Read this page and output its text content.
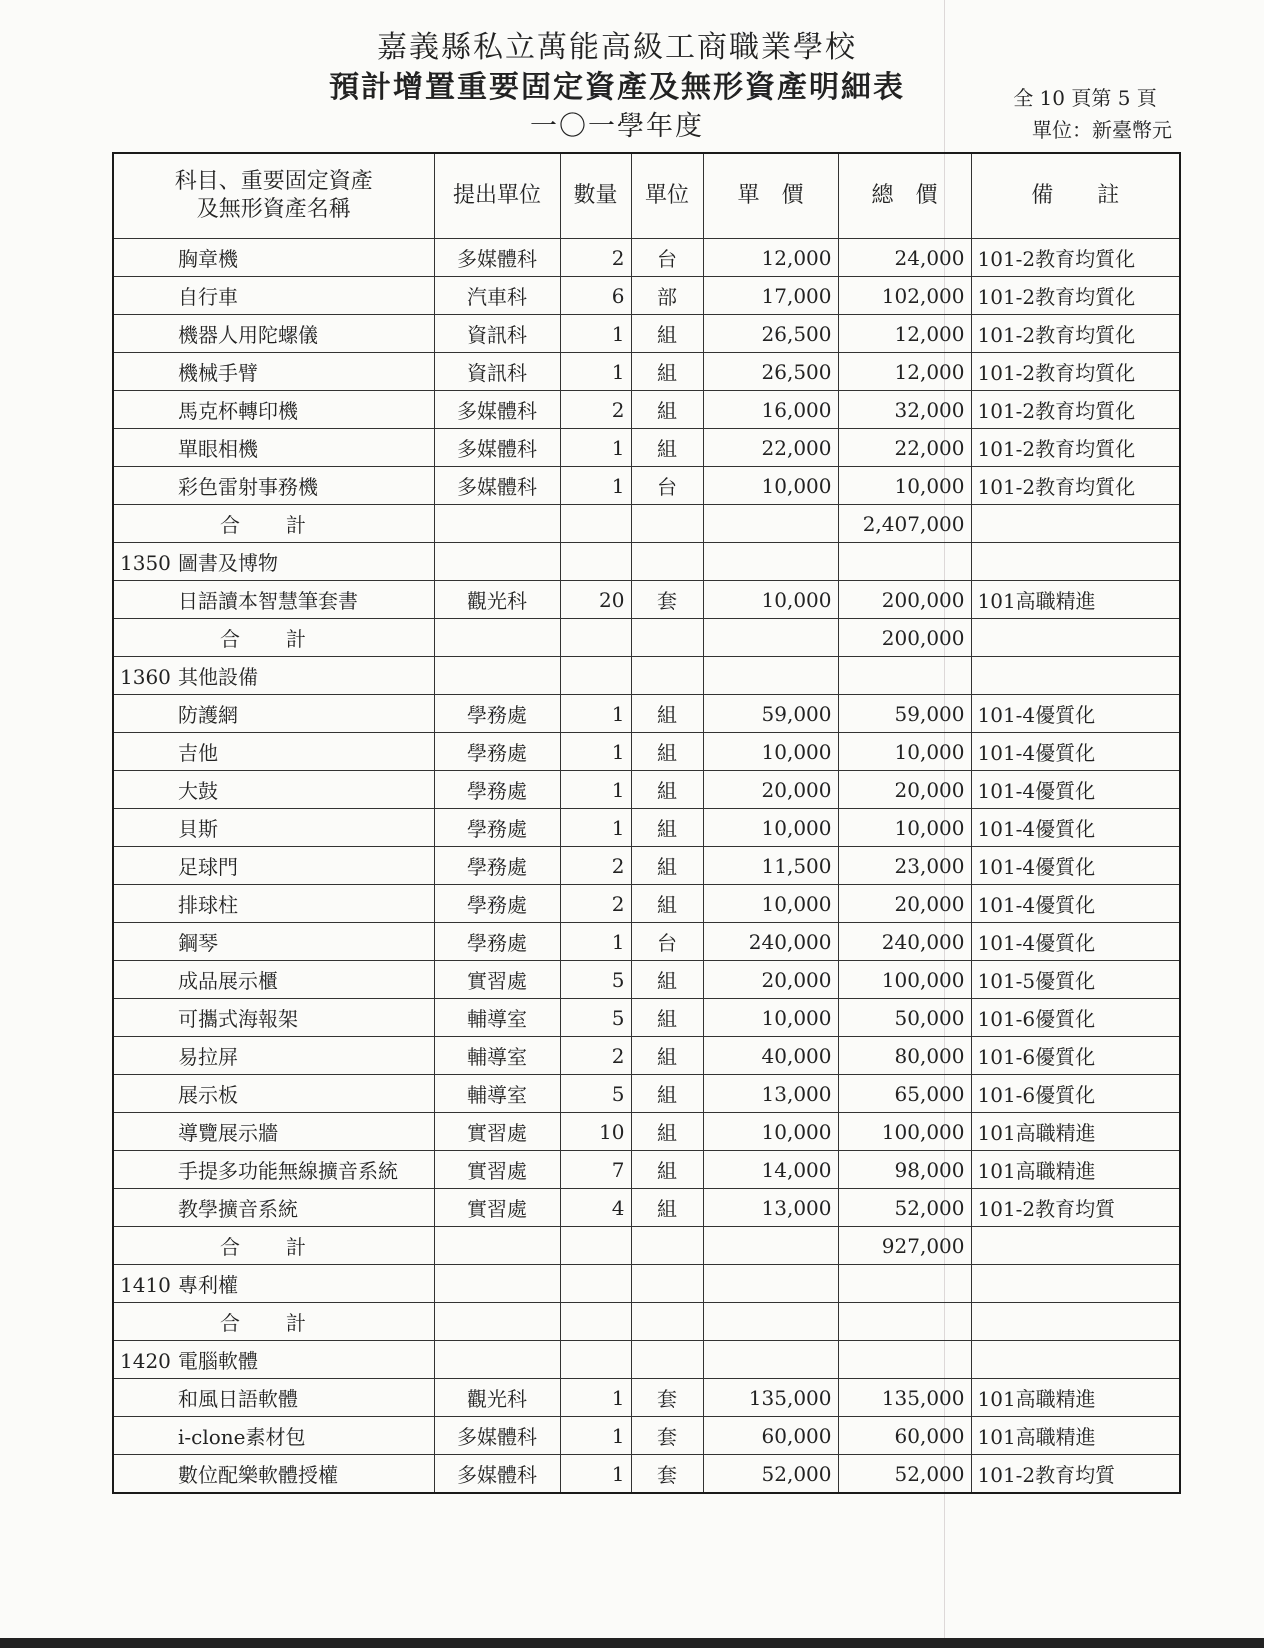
嘉義縣私立萬能高級工商職業學校
預計增置重要固定資產及無形資產明細表
一〇一學年度
全 10 頁第 5 頁
單位：新臺幣元
科目、重要固定資產
及無形資產名稱	提出單位	數量	單位	單　價	總　價	備　　註
胸章機	多媒體科	2	台	12,000	24,000	101-2教育均質化
自行車	汽車科	6	部	17,000	102,000	101-2教育均質化
機器人用陀螺儀	資訊科	1	組	26,500	12,000	101-2教育均質化
機械手臂	資訊科	1	組	26,500	12,000	101-2教育均質化
馬克杯轉印機	多媒體科	2	組	16,000	32,000	101-2教育均質化
單眼相機	多媒體科	1	組	22,000	22,000	101-2教育均質化
彩色雷射事務機	多媒體科	1	台	10,000	10,000	101-2教育均質化
合 計					2,407,000	
1350 圖書及博物						
日語讀本智慧筆套書	觀光科	20	套	10,000	200,000	101高職精進
合 計					200,000	
1360 其他設備						
防護網	學務處	1	組	59,000	59,000	101-4優質化
吉他	學務處	1	組	10,000	10,000	101-4優質化
大鼓	學務處	1	組	20,000	20,000	101-4優質化
貝斯	學務處	1	組	10,000	10,000	101-4優質化
足球門	學務處	2	組	11,500	23,000	101-4優質化
排球柱	學務處	2	組	10,000	20,000	101-4優質化
鋼琴	學務處	1	台	240,000	240,000	101-4優質化
成品展示櫃	實習處	5	組	20,000	100,000	101-5優質化
可攜式海報架	輔導室	5	組	10,000	50,000	101-6優質化
易拉屏	輔導室	2	組	40,000	80,000	101-6優質化
展示板	輔導室	5	組	13,000	65,000	101-6優質化
導覽展示牆	實習處	10	組	10,000	100,000	101高職精進
手提多功能無線擴音系統	實習處	7	組	14,000	98,000	101高職精進
教學擴音系統	實習處	4	組	13,000	52,000	101-2教育均質
合 計					927,000	
1410 專利權						
合 計						
1420 電腦軟體						
和風日語軟體	觀光科	1	套	135,000	135,000	101高職精進
i-clone素材包	多媒體科	1	套	60,000	60,000	101高職精進
數位配樂軟體授權	多媒體科	1	套	52,000	52,000	101-2教育均質
